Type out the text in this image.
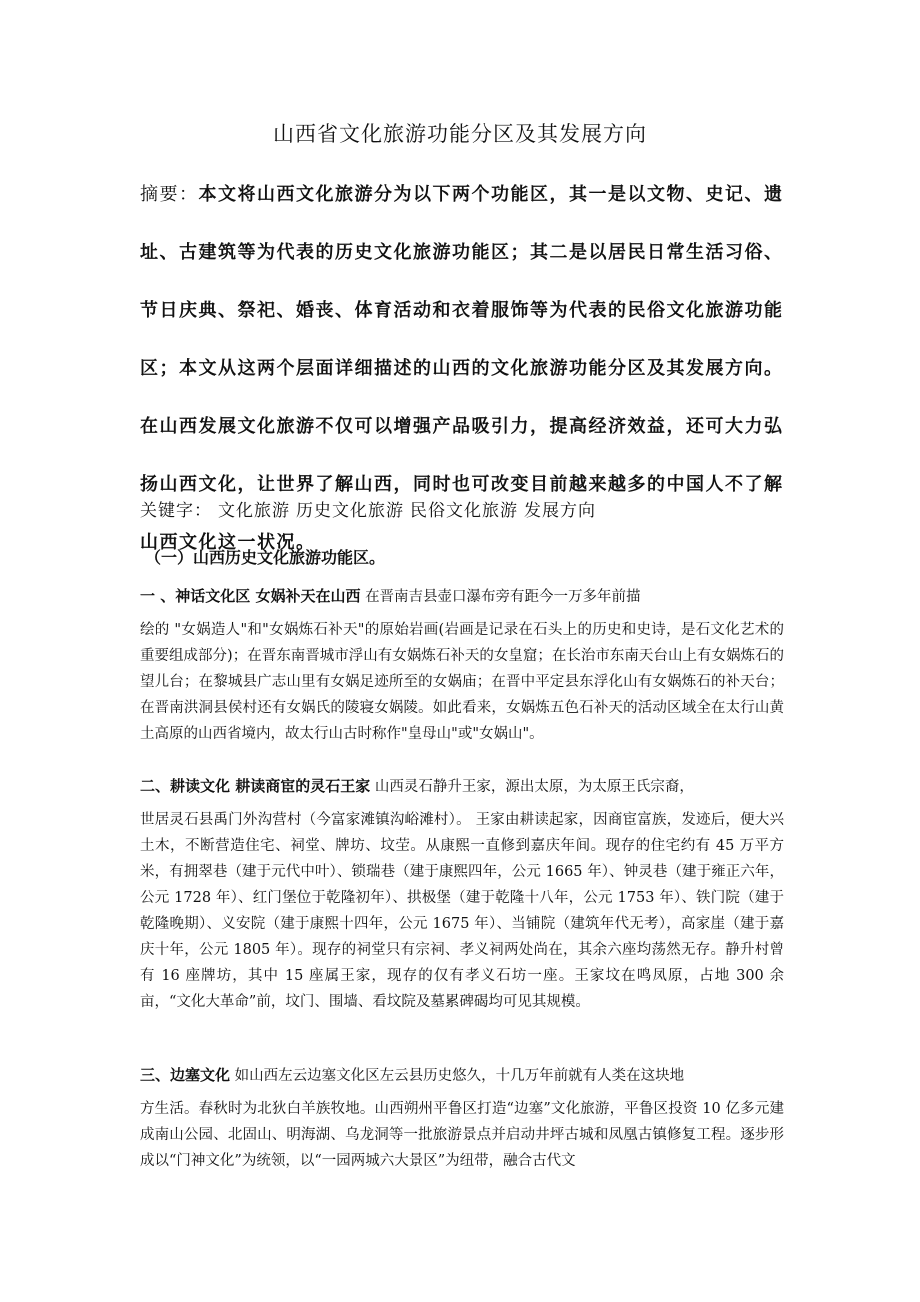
山西省文化旅游功能分区及其发展方向
摘要：本文将山西文化旅游分为以下两个功能区，其一是以文物、史记、遗址、古建筑等为代表的历史文化旅游功能区；其二是以居民日常生活习俗、节日庆典、祭祀、婚丧、体育活动和衣着服饰等为代表的民俗文化旅游功能区；本文从这两个层面详细描述的山西的文化旅游功能分区及其发展方向。在山西发展文化旅游不仅可以增强产品吸引力，提高经济效益，还可大力弘扬山西文化，让世界了解山西，同时也可改变目前越来越多的中国人不了解山西文化这一状况。
关键字： 文化旅游 历史文化旅游 民俗文化旅游 发展方向
（一）山西历史文化旅游功能区。
一 、神话文化区 女娲补天在山西 在晋南吉县壶口瀑布旁有距今一万多年前描
绘的 "女娲造人"和"女娲炼石补天"的原始岩画(岩画是记录在石头上的历史和史诗，是石文化艺术的重要组成部分)；在晋东南晋城市浮山有女娲炼石补天的女皇窟；在长治市东南天台山上有女娲炼石的望儿台；在黎城县广志山里有女娲足迹所至的女娲庙；在晋中平定县东浮化山有女娲炼石的补天台；在晋南洪洞县侯村还有女娲氏的陵寝女娲陵。如此看来，女娲炼五色石补天的活动区域全在太行山黄土高原的山西省境内，故太行山古时称作"皇母山"或"女娲山"。
二、耕读文化 耕读商宦的灵石王家 山西灵石静升王家，源出太原，为太原王氏宗裔，
世居灵石县禹门外沟营村（今富家滩镇沟峪滩村）。 王家由耕读起家，因商宦富族，发迹后，便大兴土木，不断营造住宅、祠堂、牌坊、坟茔。从康熙一直修到嘉庆年间。现存的住宅约有 45 万平方米，有拥翠巷（建于元代中叶）、锁瑞巷（建于康熙四年，公元 1665 年）、钟灵巷（建于雍正六年，公元 1728 年）、红门堡位于乾隆初年）、拱极堡（建于乾隆十八年，公元 1753 年）、铁门院（建于乾隆晚期）、义安院（建于康熙十四年，公元 1675 年）、当铺院（建筑年代无考），高家崖（建于嘉庆十年，公元 1805 年）。现存的祠堂只有宗祠、孝义祠两处尚在，其余六座均荡然无存。静升村曾有 16 座牌坊，其中 15 座属王家，现存的仅有孝义石坊一座。王家坟在鸣凤原，占地 300 余亩，“文化大革命”前，坟门、围墙、看坟院及墓累碑碣均可见其规模。
三、边塞文化 如山西左云边塞文化区左云县历史悠久，十几万年前就有人类在这块地
方生活。春秋时为北狄白羊族牧地。山西朔州平鲁区打造“边塞”文化旅游，平鲁区投资 10 亿多元建成南山公园、北固山、明海湖、乌龙洞等一批旅游景点并启动井坪古城和凤凰古镇修复工程。逐步形成以“门神文化”为统领，以“一园两城六大景区”为纽带，融合古代文
